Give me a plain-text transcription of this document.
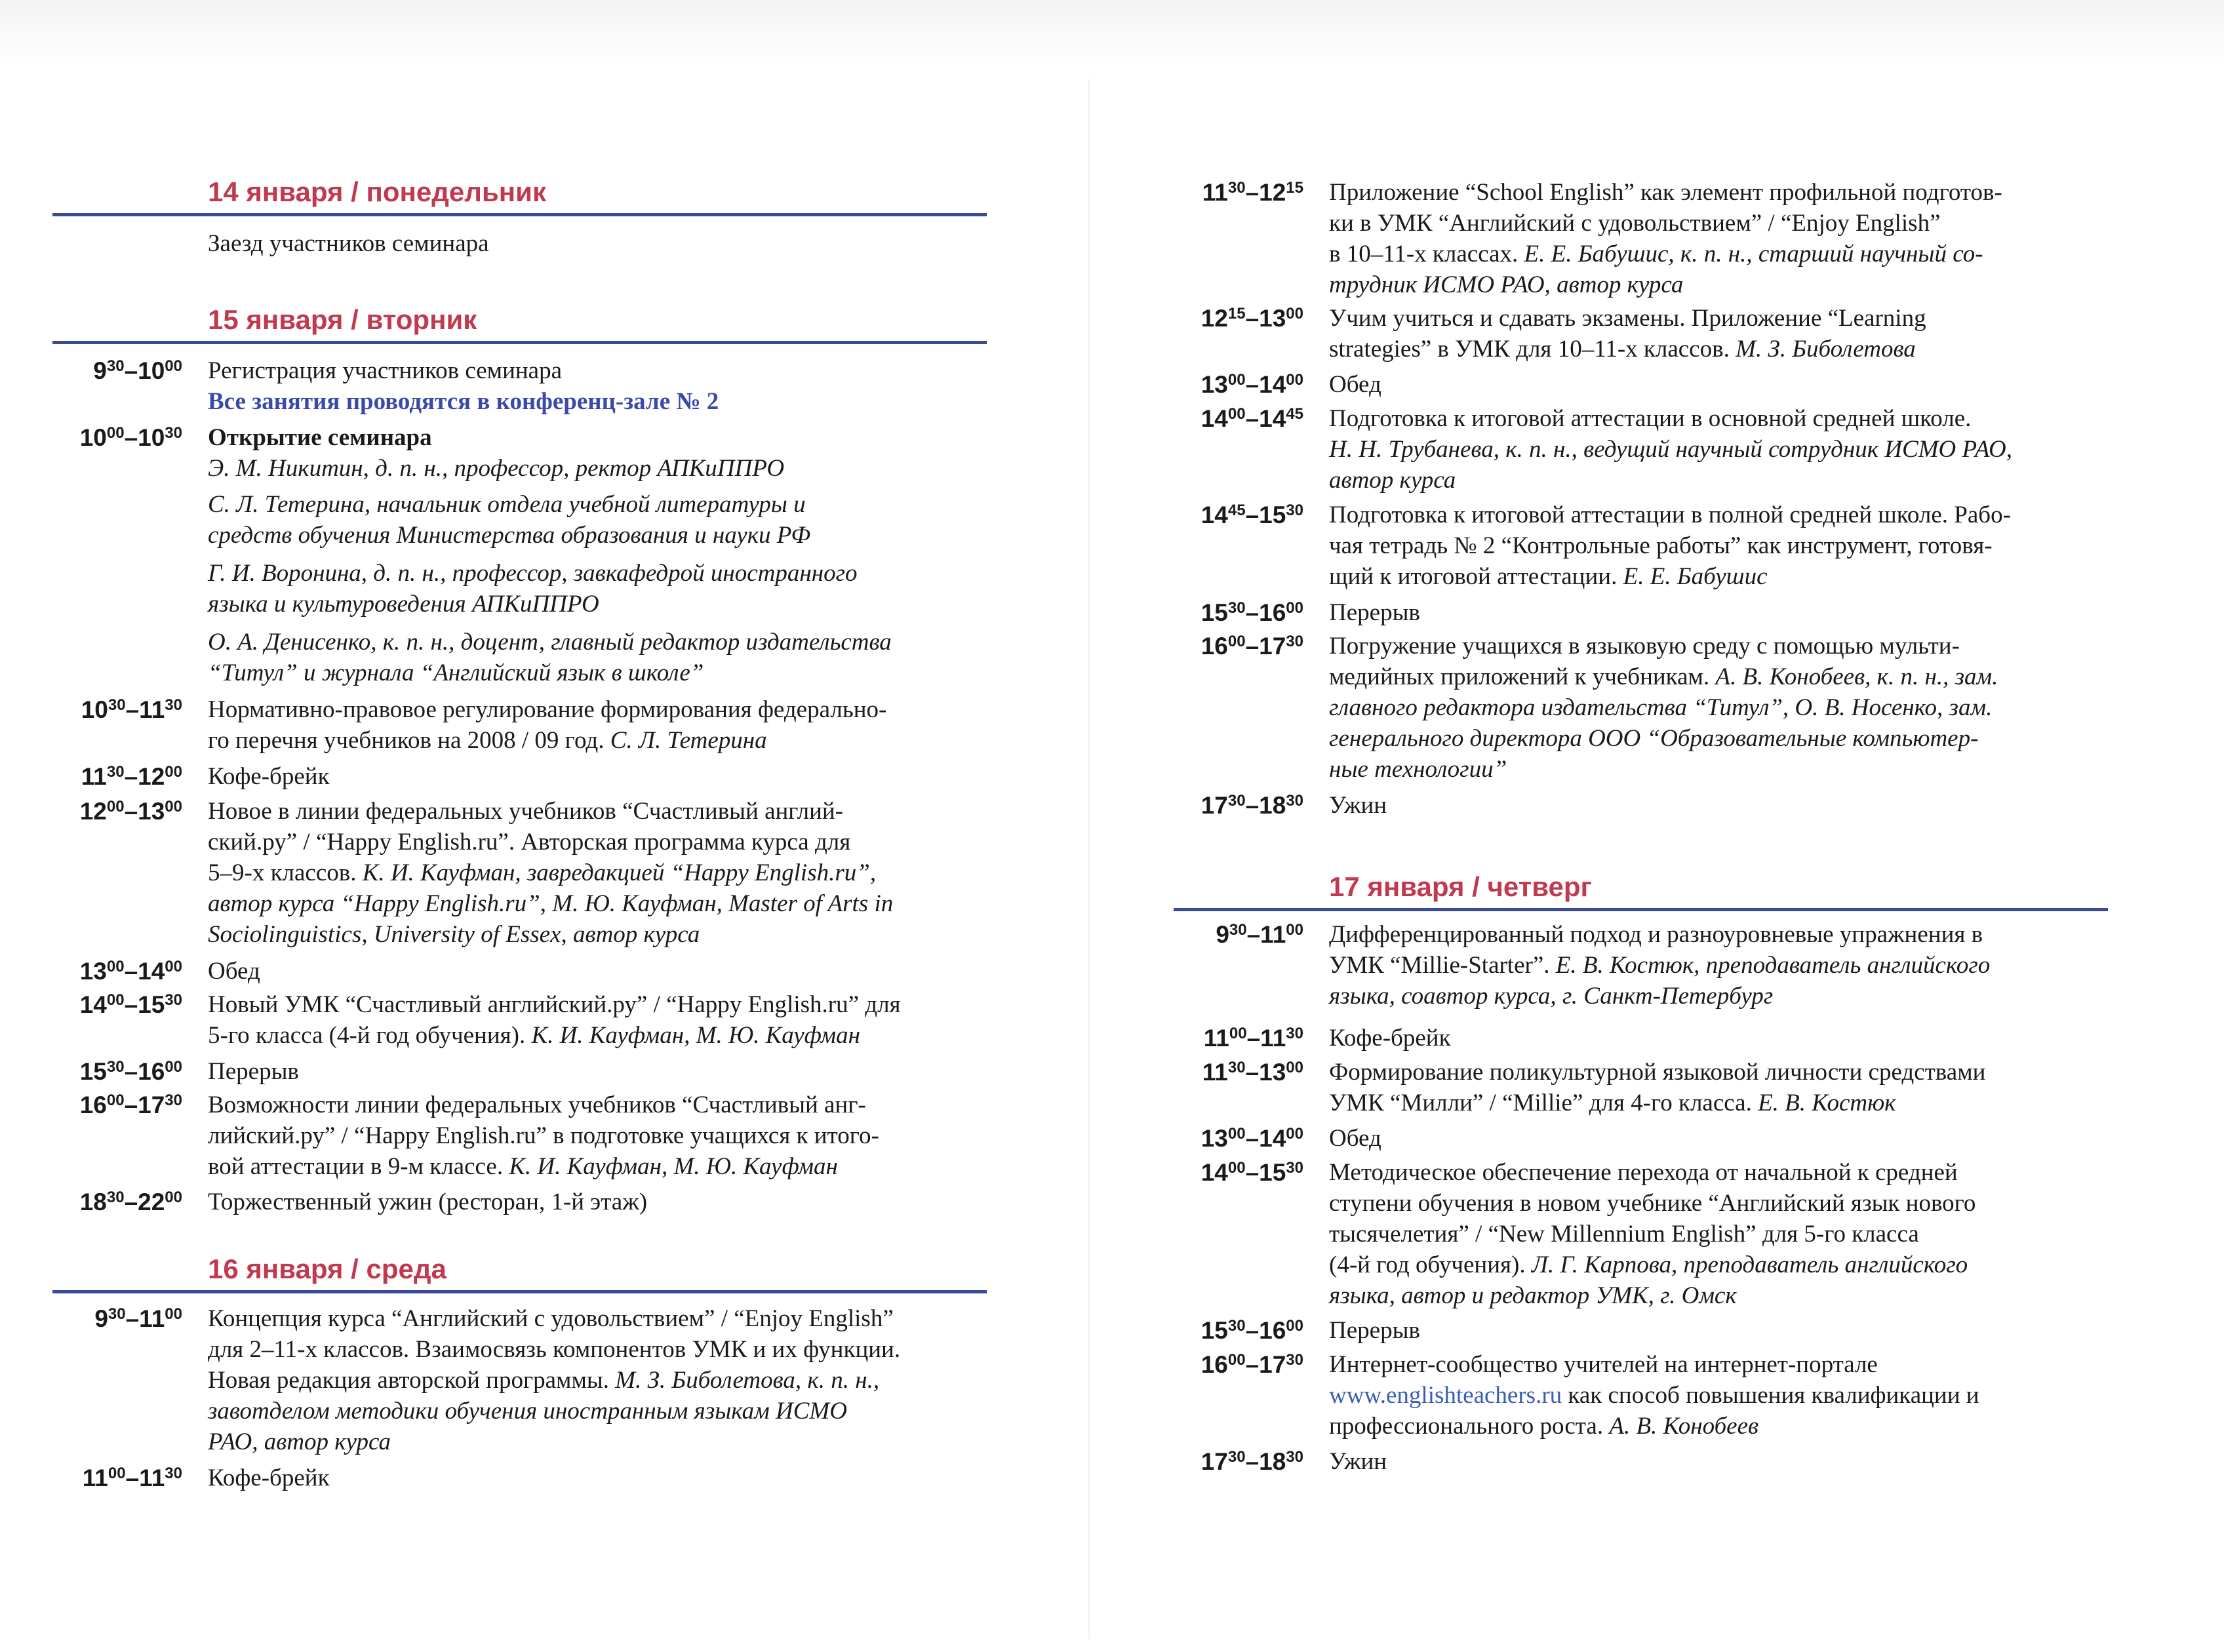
14 января / понедельник
Заезд участников семинара
15 января / вторник
$9^{30}-10^{00}$ Регистрация участников семинара
Все занятия проводятся в конференц-зале № 2
$10^{00}-10^{30}$ Открытие семинара
Э. М. Никитин, д. п. н., профессор, ректор АПКиППРО
С. Л. Тетерина, начальник отдела учебной литературы и
средств обучения Министерства образования и науки РФ
Г. И. Воронина, д. п. н., профессор, завкафедрой иностранного
языка и культуроведения АПКиППРО
О. А. Денисенко, к. п. н., доцент, главный редактор издательства
“Титул” и журнала “Английский язык в школе”
$10^{30}-11^{30}$ Нормативно-правовое регулирование формирования федерально-
го перечня учебников на 2008 / 09 год. С. Л. Тетерина
$11^{30}-12^{00}$ Кофе-брейк
$12^{00}-13^{00}$ Новое в линии федеральных учебников “Счастливый англий-
ский.ру” / “Happy English.ru”. Авторская программа курса для
5–9-х классов. К. И. Кауфман, завредакцией “Happy English.ru”,
автор курса “Happy English.ru”, М. Ю. Кауфман, Master of Arts in
Sociolinguistics, University of Essex, автор курса
$13^{00}-14^{00}$ Обед
$14^{00}-15^{30}$ Новый УМК “Счастливый английский.ру” / “Happy English.ru” для
5-го класса (4-й год обучения). К. И. Кауфман, М. Ю. Кауфман
$15^{30}-16^{00}$ Перерыв
$16^{00}-17^{30}$ Возможности линии федеральных учебников “Счастливый анг-
лийский.ру” / “Happy English.ru” в подготовке учащихся к итого-
вой аттестации в 9-м классе. К. И. Кауфман, М. Ю. Кауфман
$18^{30}-22^{00}$ Торжественный ужин (ресторан, 1-й этаж)
16 января / среда
$9^{30}-11^{00}$ Концепция курса “Английский с удовольствием” / “Enjoy English”
для 2–11-х классов. Взаимосвязь компонентов УМК и их функции.
Новая редакция авторской программы. М. З. Биболетова, к. п. н.,
завотделом методики обучения иностранным языкам ИСМО
РАО, автор курса
$11^{00}-11^{30}$ Кофе-брейк
$11^{30}-12^{15}$ Приложение “School English” как элемент профильной подготов-
ки в УМК “Английский с удовольствием” / “Enjoy English”
в 10–11-х классах. Е. Е. Бабушис, к. п. н., старший научный со-
трудник ИСМО РАО, автор курса
$12^{15}-13^{00}$ Учим учиться и сдавать экзамены. Приложение “Learning
strategies” в УМК для 10–11-х классов. М. З. Биболетова
$13^{00}-14^{00}$ Обед
$14^{00}-14^{45}$ Подготовка к итоговой аттестации в основной средней школе.
Н. Н. Трубанева, к. п. н., ведущий научный сотрудник ИСМО РАО,
автор курса
$14^{45}-15^{30}$ Подготовка к итоговой аттестации в полной средней школе. Рабо-
чая тетрадь № 2 “Контрольные работы” как инструмент, готовя-
щий к итоговой аттестации. Е. Е. Бабушис
$15^{30}-16^{00}$ Перерыв
$16^{00}-17^{30}$ Погружение учащихся в языковую среду с помощью мульти-
медийных приложений к учебникам. А. В. Конобеев, к. п. н., зам.
главного редактора издательства “Титул”, О. В. Носенко, зам.
генерального директора ООО “Образовательные компьютер-
ные технологии”
$17^{30}-18^{30}$ Ужин
17 января / четверг
$9^{30}-11^{00}$ Дифференцированный подход и разноуровневые упражнения в
УМК “Millie-Starter”. Е. В. Костюк, преподаватель английского
языка, соавтор курса, г. Санкт-Петербург
$11^{00}-11^{30}$ Кофе-брейк
$11^{30}-13^{00}$ Формирование поликультурной языковой личности средствами
УМК “Милли” / “Millie” для 4-го класса. Е. В. Костюк
$13^{00}-14^{00}$ Обед
$14^{00}-15^{30}$ Методическое обеспечение перехода от начальной к средней
ступени обучения в новом учебнике “Английский язык нового
тысячелетия” / “New Millennium English” для 5-го класса
(4-й год обучения). Л. Г. Карпова, преподаватель английского
языка, автор и редактор УМК, г. Омск
$15^{30}-16^{00}$ Перерыв
$16^{00}-17^{30}$ Интернет-сообщество учителей на интернет-портале
www.englishteachers.ru как способ повышения квалификации и
профессионального роста. А. В. Конобеев
$17^{30}-18^{30}$ Ужин
